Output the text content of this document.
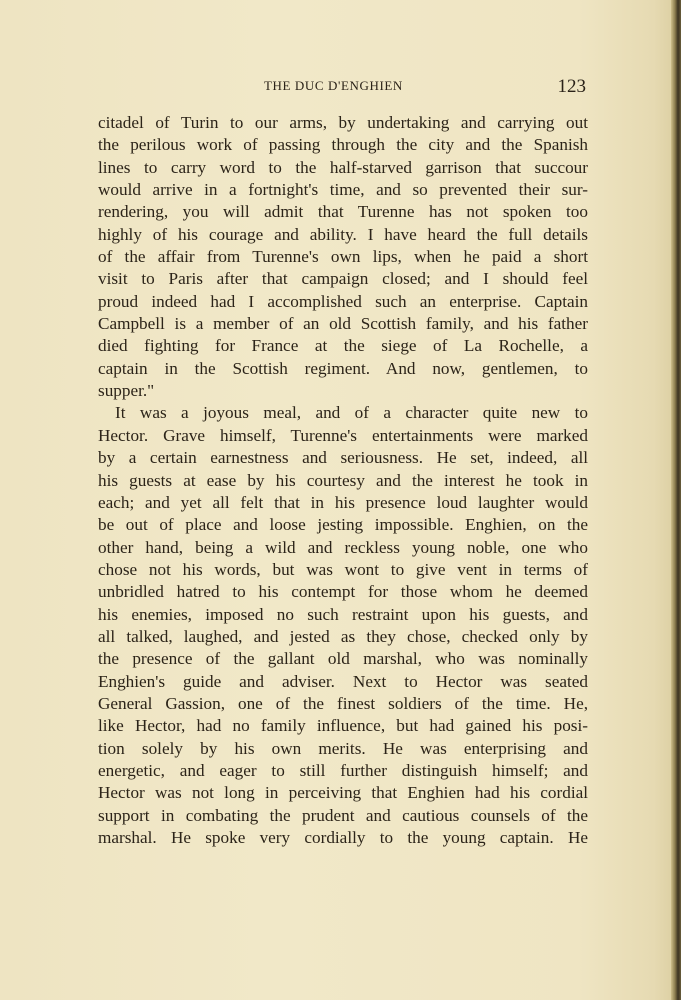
THE DUC D'ENGHIEN	123
citadel of Turin to our arms, by undertaking and carrying out
the perilous work of passing through the city and the Spanish
lines to carry word to the half-starved garrison that succour
would arrive in a fortnight's time, and so prevented their sur-
rendering, you will admit that Turenne has not spoken too
highly of his courage and ability. I have heard the full details
of the affair from Turenne's own lips, when he paid a short
visit to Paris after that campaign closed; and I should feel
proud indeed had I accomplished such an enterprise. Captain
Campbell is a member of an old Scottish family, and his father
died fighting for France at the siege of La Rochelle, a
captain in the Scottish regiment. And now, gentlemen, to
supper."
It was a joyous meal, and of a character quite new to
Hector. Grave himself, Turenne's entertainments were marked
by a certain earnestness and seriousness. He set, indeed, all
his guests at ease by his courtesy and the interest he took in
each; and yet all felt that in his presence loud laughter would
be out of place and loose jesting impossible. Enghien, on the
other hand, being a wild and reckless young noble, one who
chose not his words, but was wont to give vent in terms of
unbridled hatred to his contempt for those whom he deemed
his enemies, imposed no such restraint upon his guests, and
all talked, laughed, and jested as they chose, checked only by
the presence of the gallant old marshal, who was nominally
Enghien's guide and adviser. Next to Hector was seated
General Gassion, one of the finest soldiers of the time. He,
like Hector, had no family influence, but had gained his posi-
tion solely by his own merits. He was enterprising and
energetic, and eager to still further distinguish himself; and
Hector was not long in perceiving that Enghien had his cordial
support in combating the prudent and cautious counsels of the
marshal. He spoke very cordially to the young captain. He
